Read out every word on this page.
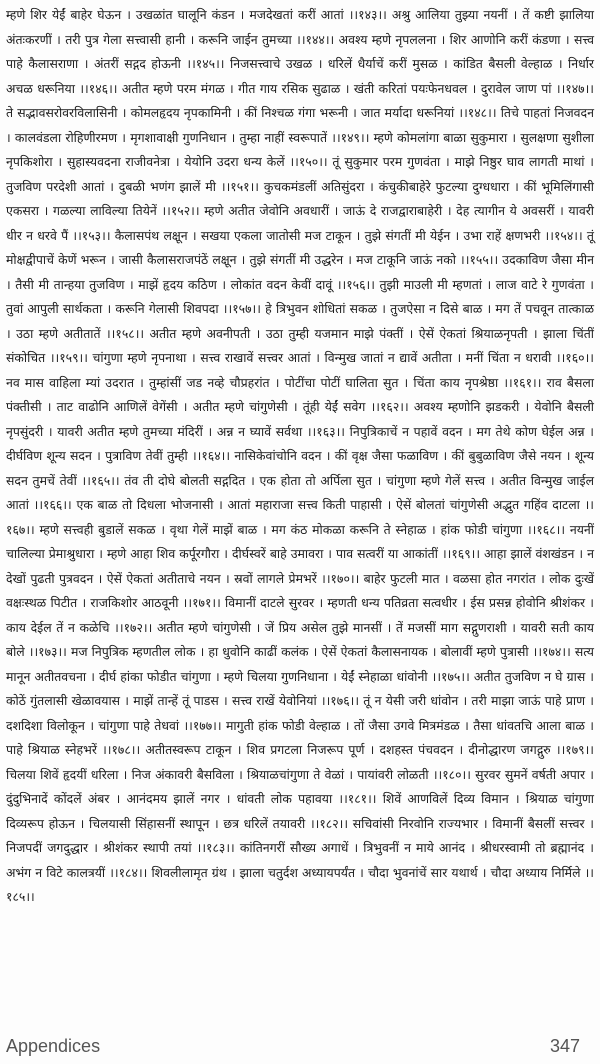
म्हणे शिर येईं बाहेर घेऊन । उखळांत घालूनि कंडन । मजदेखतां करीं आतां ।।१४३।। अश्रु आलिया तुझ्या नयनीं । तें कष्टी झालिया अंतःकरणीं । तरी पुत्र गेला सत्त्वासी हानी । करूनि जाईन तुमच्या ।।१४४।। अवश्य म्हणे नृपललना । शिर आणोनि करीं कंडणा । सत्त्व पाहे कैलासराणा । अंतरीं सद्गद होऊनी ।।१४५।। निजसत्त्वाचे उखळ । धरिलें धैर्याचें करीं मुसळ । कांडित बैसली वेल्हाळ । निर्धार अचळ धरूनिया ।।१४६।। अतीत म्हणे परम मंगळ । गीत गाय रसिक सुढाळ । खंती करितां पयःफेनधवल । दुरावेल जाण पां ।।१४७।। ते सद्भावसरोवरविलासिनी । कोमलहृदय नृपकामिनी । कीं निश्चळ गंगा भरूनी । जात मर्यादा धरूनियां ।।१४८।। तिचे पाहतां निजवदन । कालवंडला रोहिणीरमण । मृगशावाक्षी गुणनिधान । तुम्हा नाहीं स्वरूपातें ।।१४९।। म्हणे कोमलांगा बाळा सुकुमारा । सुलक्षणा सुशीला नृपकिशोरा । सुहास्यवदना राजीवनेत्रा । येयोनि उदरा धन्य केलें ।।१५०।। तूं सुकुमार परम गुणवंता । माझे निष्ठुर घाव लागती माथां । तुजविण परदेशी आतां । दुबळी भणंग झालें मी ।।१५१।। कुचकमंडलीं अतिसुंदरा । कंचुकीबाहेरे फुटल्या दुग्धधारा । कीं भूमिलिंगासी एकसरा । गळल्या लाविल्या तियेनें ।।१५२।। म्हणे अतीत जेवोनि अवधारीं । जाऊं दे राजद्वाराबाहेरी । देह त्यागीन ये अवसरीं । यावरी धीर न धरवे पैं ।।१५३।। कैलासपंथ लक्षून । सखया एकला जातोसी मज टाकून । तुझे संगतीं मी येईन । उभा राहें क्षणभरी ।।१५४।। तूं मोक्षद्वीपाचें केणें भरून । जासी कैलासराजपंठें लक्षून । तुझे संगतीं मी उद्धरेन । मज टाकूनि जाऊं नको ।।१५५।। उदकाविण जैसा मीन । तैसी मी तान्हया तुजविण । माझें हृदय कठिण । लोकांत वदन केवीं दावूं ।।१५६।। तुझी माउली मी म्हणतां । लाज वाटे रे गुणवंता । तुवां आपुली सार्थकता । करूनि गेलासी शिवपदा ।।१५७।। हे त्रिभुवन शोधितां सकळ । तुजऐसा न दिसे बाळ । मग तें पचवून तात्काळ । उठा म्हणे अतीतातें ।।१५८।। अतीत म्हणे अवनीपती । उठा तुम्ही यजमान माझे पंक्तीं । ऐसें ऐकतां श्रियाळनृपती । झाला चिंतीं संकोचित ।।१५९।। चांगुणा म्हणे नृपनाथा । सत्त्व राखावें सत्त्वर आतां । विन्मुख जातां न द्यावें अतीता । मनीं चिंता न धरावी ।।१६०।। नव मास वाहिला म्यां उदरात । तुम्हांसीं जड नव्हे चौप्रहरांत । पोटींचा पोटीं घालिता सुत । चिंता काय नृपश्रेष्ठा ।।१६१।। राव बैसला पंक्तीसी । ताट वाढोनि आणिलें वेगेंसी । अतीत म्हणे चांगुणेसी । तूंही येईं सवेग ।।१६२।। अवश्य म्हणोनि झडकरी । येवोनि बैसली नृपसुंदरी । यावरी अतीत म्हणे तुमच्या मंदिरीं । अन्न न घ्यावें सर्वथा ।।१६३।। निपुत्रिकाचें न पहावें वदन । मग तेथे कोण घेईल अन्न । दीर्घविण शून्य सदन । पुत्राविण तेवीं तुम्ही ।।१६४।। नासिकेवांचोनि वदन । कीं वृक्ष जैसा फळाविण । कीं बुबुळाविण जैसे नयन । शून्य सदन तुमचें तेवीं ।।१६५।। तंव ती दोघे बोलती सद्गदित । एक होता तो अर्पिला सुत । चांगुणा म्हणे गेलें सत्त्व । अतीत विन्मुख जाईल आतां ।।१६६।। एक बाळ तो दिधला भोजनासी । आतां महाराजा सत्त्व किती पाहासी । ऐसें बोलतां चांगुणेसी अद्भुत गहिंव दाटला ।।१६७।। म्हणे सत्त्वही बुडालें सकळ । वृथा गेलें माझें बाळ । मग कंठ मोकळा करूनि ते स्नेहाळ । हांक फोडी चांगुणा ।।१६८।। नयनीं चालिल्या प्रेमाश्रुधारा । म्हणे आहा शिव कर्पूरगौरा । दीर्घस्वरें बाहे उमावरा । पाव सत्वरीं या आकांतीं ।।१६९।। आहा झालें वंशखंडन । न देखों पुढती पुत्रवदन । ऐसें ऐकतां अतीताचे नयन । स्रवों लागले प्रेमभरें ।।१७०।। बाहेर फुटली मात । वळसा होत नगरांत । लोक दुःखें वक्षःस्थळ पिटीत । राजकिशोर आठवूनी ।।१७१।। विमानीं दाटले सुरवर । म्हणती धन्य पतिव्रता सत्वधीर । ईस प्रसन्न होवोनि श्रीशंकर । काय देईल तें न कळेचि ।।१७२।। अतीत म्हणे चांगुणेसी । जें प्रिय असेल तुझे मानसीं । तें मजसीं माग सद्गुणराशी । यावरी सती काय बोले ।।१७३।। मज निपुत्रिक म्हणतील लोक । हा धुवोनि काढीं कलंक । ऐसें ऐकतां कैलासनायक । बोलावीं म्हणे पुत्रासी ।।१७४।। सत्य मानून अतीतवचना । दीर्घ हांका फोडीत चांगुणा । म्हणे चिलया गुणनिधाना । येईं स्नेहाळा धांवोनी ।।१७५।। अतीत तुजविण न घे ग्रास । कोठें गुंतलासी खेळावयास । माझें तान्हें तूं पाडस । सत्त्व राखें येवोनियां ।।१७६।। तूं न येसी जरी धांवोन । तरी माझा जाऊं पाहे प्राण । दशदिशा विलोकून । चांगुणा पाहे तेधवां ।।१७७।। मागुती हांक फोडी वेल्हाळ । तों जैसा उगवे मित्रमंडळ । तैसा धांवतचि आला बाळ । पाहे श्रियाळ स्नेहभरें ।।१७८।। अतीतस्वरूप टाकून । शिव प्रगटला निजरूप पूर्ण । दशहस्त पंचवदन । दीनोद्धारण जगद्गुरु ।।१७९।। चिलया शिवें हृदयीं धरिला । निज अंकावरी बैसविला । श्रियाळचांगुणा ते वेळां । पायांवरी लोळती ।।१८०।। सुरवर सुमनें वर्षती अपार । दुंदुभिनादें कोंदलें अंबर । आनंदमय झालें नगर । धांवती लोक पहावया ।।१८१।। शिवें आणविलें दिव्य विमान । श्रियाळ चांगुणा दिव्यरूप होऊन । चिलयासी सिंहासनीं स्थापून । छत्र धरिलें तयावरी ।।१८२।। सचिवांसी निरवोनि राज्यभार । विमानीं बैसलीं सत्त्वर । निजपदीं जगदुद्धार । श्रीशंकर स्थापी तयां ।।१८३।। कांतिनगरीं सौख्य अगाधें । त्रिभुवनीं न माये आनंद । श्रीधरस्वामी तो ब्रह्मानंद । अभंग न विटे कालत्रयीं ।।१८४।। शिवलीलामृत ग्रंथ । झाला चतुर्दश अध्यायपर्यंत । चौदा भुवनांचें सार यथार्थ । चौदा अध्याय निर्मिले ।।१८५।।

Appendices	347
